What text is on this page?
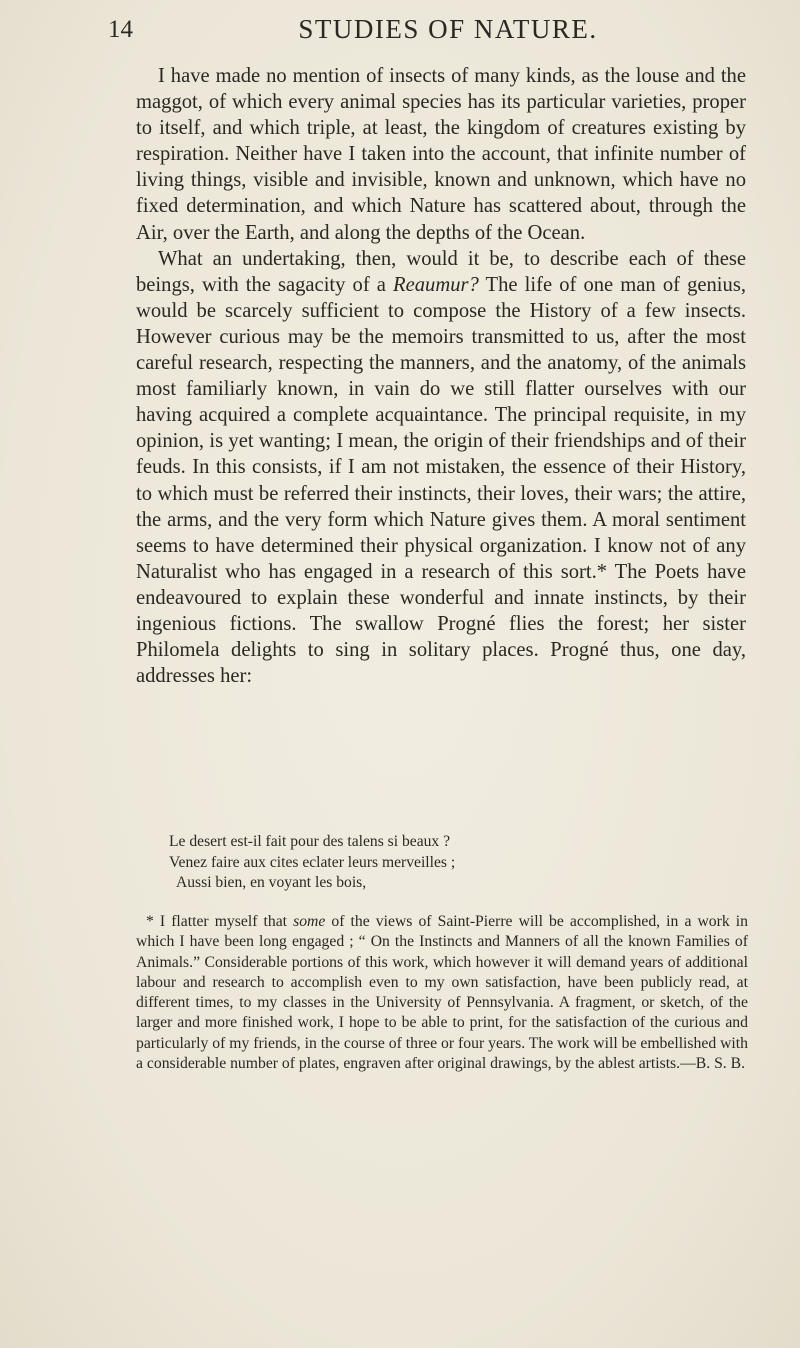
14	STUDIES OF NATURE.

I have made no mention of insects of many kinds, as the louse and the maggot, of which every animal species has its particular varieties, proper to itself, and which triple, at least, the kingdom of creatures existing by respiration. Neither have I taken into the account, that infinite number of living things, visible and invisible, known and unknown, which have no fixed determination, and which Nature has scattered about, through the Air, over the Earth, and along the depths of the Ocean.

What an undertaking, then, would it be, to describe each of these beings, with the sagacity of a Reaumur? The life of one man of genius, would be scarcely sufficient to compose the History of a few insects. However curious may be the memoirs transmitted to us, after the most careful research, respecting the manners, and the anatomy, of the animals most familiarly known, in vain do we still flatter ourselves with our having acquired a complete acquaintance. The principal requisite, in my opinion, is yet wanting; I mean, the origin of their friendships and of their feuds. In this consists, if I am not mistaken, the essence of their History, to which must be referred their instincts, their loves, their wars; the attire, the arms, and the very form which Nature gives them. A moral sentiment seems to have determined their physical organization. I know not of any Naturalist who has engaged in a research of this sort.* The Poets have endeavoured to explain these wonderful and innate instincts, by their ingenious fictions. The swallow Progné flies the forest; her sister Philomela delights to sing in solitary places. Progné thus, one day, addresses her:

Le desert est-il fait pour des talens si beaux ?
Venez faire aux cites eclater leurs merveilles ;
Aussi bien, en voyant les bois,

* I flatter myself that some of the views of Saint-Pierre will be accomplished, in a work in which I have been long engaged ; “ On the Instincts and Manners of all the known Families of Animals.” Considerable portions of this work, which however it will demand years of additional labour and research to accomplish even to my own satisfaction, have been publicly read, at different times, to my classes in the University of Pennsylvania. A fragment, or sketch, of the larger and more finished work, I hope to be able to print, for the satisfaction of the curious and particularly of my friends, in the course of three or four years. The work will be embellished with a considerable number of plates, engraven after original drawings, by the ablest artists.—B. S. B.
